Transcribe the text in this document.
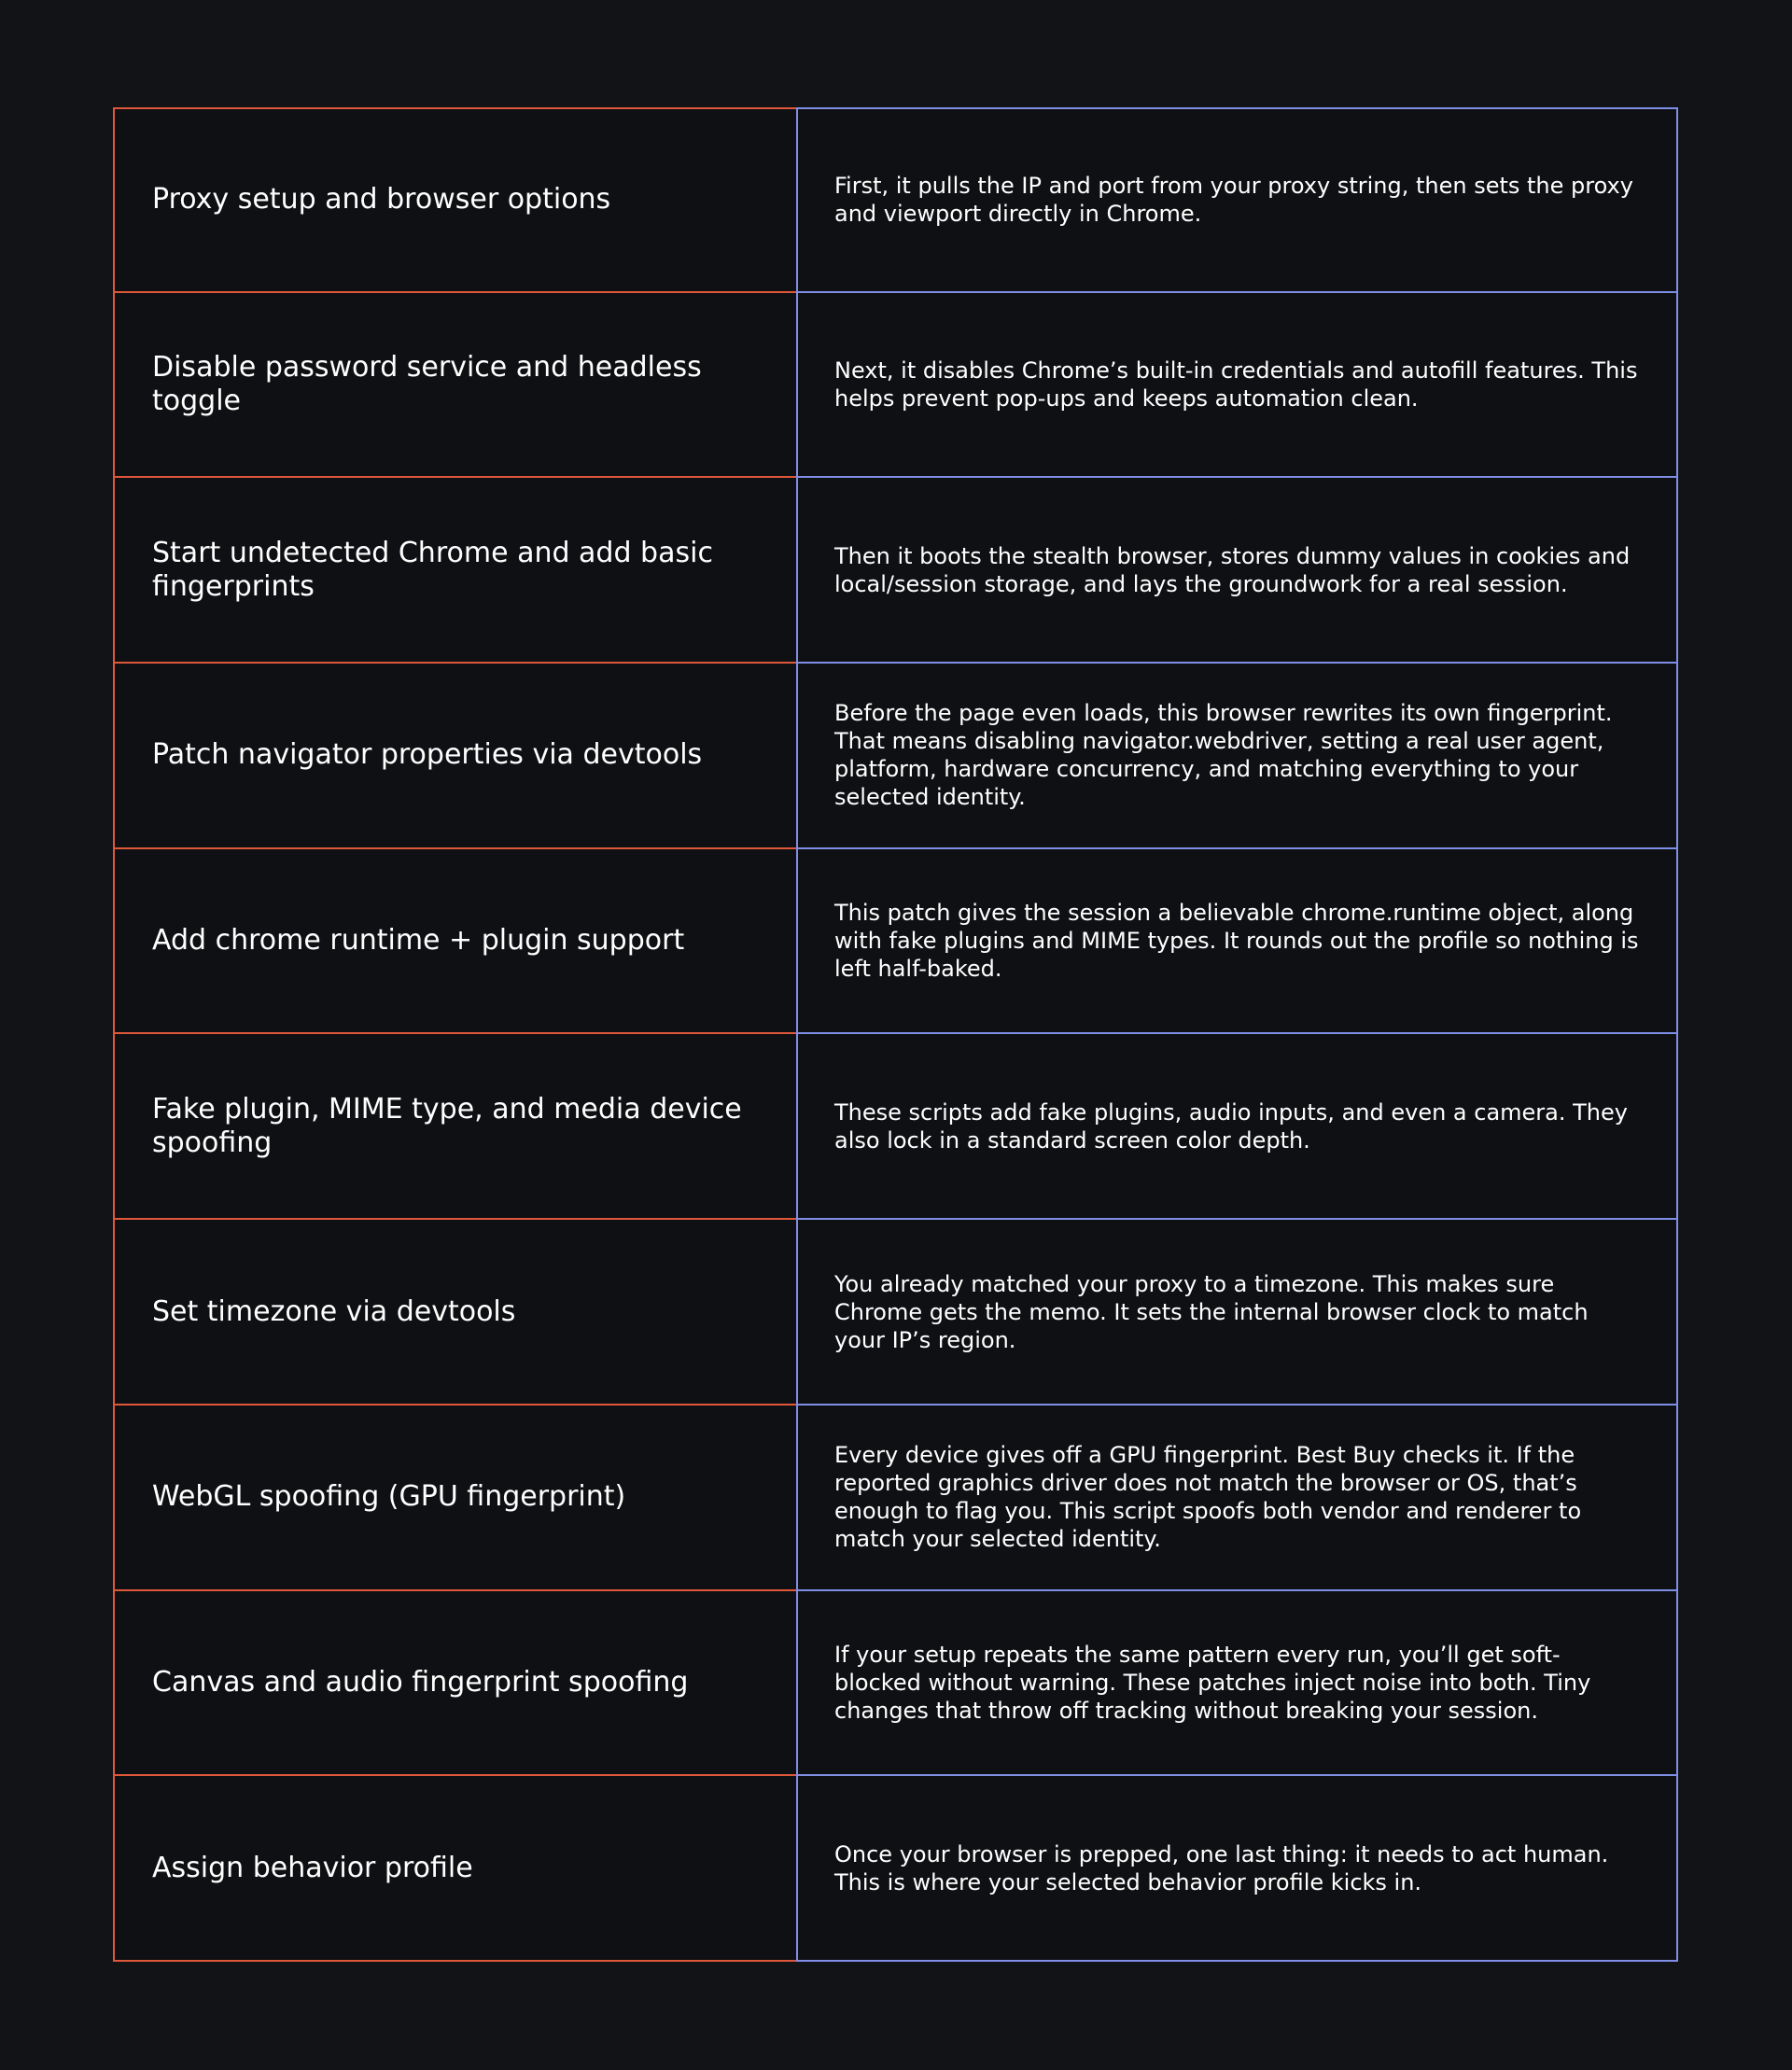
Proxy setup and browser options	First, it pulls the IP and port from your proxy string, then sets the proxy and viewport directly in Chrome.
Disable password service and headless toggle
Next, it disables Chrome’s built-in credentials and autofill features. This helps prevent pop-ups and keeps automation clean.
Start undetected Chrome and add basic fingerprints
Then it boots the stealth browser, stores dummy values in cookies and local/session storage, and lays the groundwork for a real session.
Patch navigator properties via devtools
Before the page even loads, this browser rewrites its own fingerprint. That means disabling navigator.webdriver, setting a real user agent, platform, hardware concurrency, and matching everything to your selected identity.
Add chrome runtime + plugin support
This patch gives the session a believable chrome.runtime object, along with fake plugins and MIME types. It rounds out the profile so nothing is left half-baked.
Fake plugin, MIME type, and media device spoofing
These scripts add fake plugins, audio inputs, and even a camera. They also lock in a standard screen color depth.
Set timezone via devtools
You already matched your proxy to a timezone. This makes sure Chrome gets the memo. It sets the internal browser clock to match your IP’s region.
WebGL spoofing (GPU fingerprint)
Every device gives off a GPU fingerprint. Best Buy checks it. If the reported graphics driver does not match the browser or OS, that’s enough to flag you. This script spoofs both vendor and renderer to match your selected identity.
Canvas and audio fingerprint spoofing
If your setup repeats the same pattern every run, you’ll get soft-blocked without warning. These patches inject noise into both. Tiny changes that throw off tracking without breaking your session.
Assign behavior profile	Once your browser is prepped, one last thing: it needs to act human. This is where your selected behavior profile kicks in.
